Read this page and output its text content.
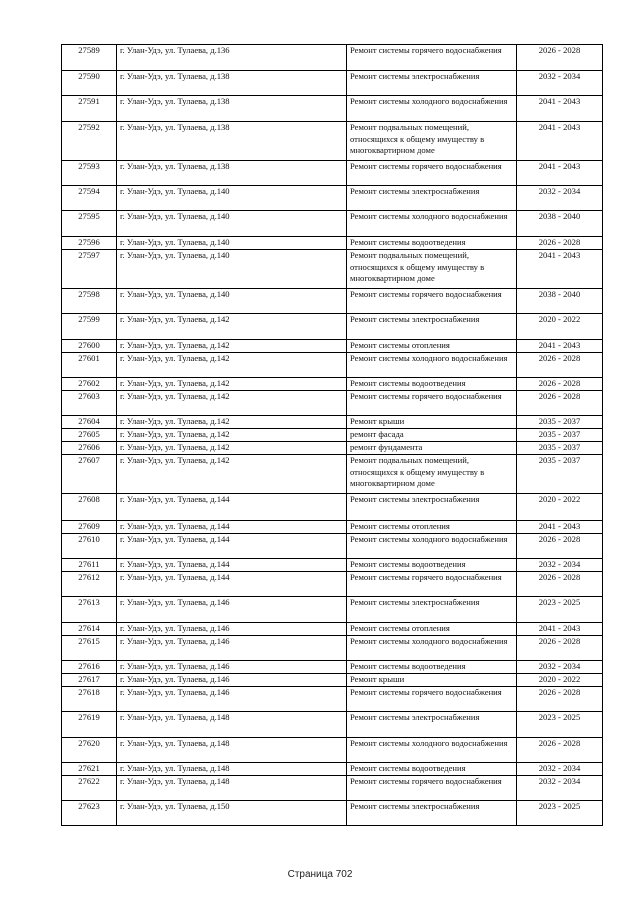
27589	г. Улан-Удэ, ул. Тулаева, д.136	Ремонт системы горячего водоснабжения	2026 - 2028
27590	г. Улан-Удэ, ул. Тулаева, д.138	Ремонт системы электроснабжения	2032 - 2034
27591	г. Улан-Удэ, ул. Тулаева, д.138	Ремонт системы холодного водоснабжения	2041 - 2043
27592	г. Улан-Удэ, ул. Тулаева, д.138	Ремонт подвальных помещений, относящихся к общему имуществу в многоквартирном доме	2041 - 2043
27593	г. Улан-Удэ, ул. Тулаева, д.138	Ремонт системы горячего водоснабжения	2041 - 2043
27594	г. Улан-Удэ, ул. Тулаева, д.140	Ремонт системы электроснабжения	2032 - 2034
27595	г. Улан-Удэ, ул. Тулаева, д.140	Ремонт системы холодного водоснабжения	2038 - 2040
27596	г. Улан-Удэ, ул. Тулаева, д.140	Ремонт системы водоотведения	2026 - 2028
27597	г. Улан-Удэ, ул. Тулаева, д.140	Ремонт подвальных помещений, относящихся к общему имуществу в многоквартирном доме	2041 - 2043
27598	г. Улан-Удэ, ул. Тулаева, д.140	Ремонт системы горячего водоснабжения	2038 - 2040
27599	г. Улан-Удэ, ул. Тулаева, д.142	Ремонт системы электроснабжения	2020 - 2022
27600	г. Улан-Удэ, ул. Тулаева, д.142	Ремонт системы отопления	2041 - 2043
27601	г. Улан-Удэ, ул. Тулаева, д.142	Ремонт системы холодного водоснабжения	2026 - 2028
27602	г. Улан-Удэ, ул. Тулаева, д.142	Ремонт системы водоотведения	2026 - 2028
27603	г. Улан-Удэ, ул. Тулаева, д.142	Ремонт системы горячего водоснабжения	2026 - 2028
27604	г. Улан-Удэ, ул. Тулаева, д.142	Ремонт крыши	2035 - 2037
27605	г. Улан-Удэ, ул. Тулаева, д.142	ремонт фасада	2035 - 2037
27606	г. Улан-Удэ, ул. Тулаева, д.142	ремонт фундамента	2035 - 2037
27607	г. Улан-Удэ, ул. Тулаева, д.142	Ремонт подвальных помещений, относящихся к общему имуществу в многоквартирном доме	2035 - 2037
27608	г. Улан-Удэ, ул. Тулаева, д.144	Ремонт системы электроснабжения	2020 - 2022
27609	г. Улан-Удэ, ул. Тулаева, д.144	Ремонт системы отопления	2041 - 2043
27610	г. Улан-Удэ, ул. Тулаева, д.144	Ремонт системы холодного водоснабжения	2026 - 2028
27611	г. Улан-Удэ, ул. Тулаева, д.144	Ремонт системы водоотведения	2032 - 2034
27612	г. Улан-Удэ, ул. Тулаева, д.144	Ремонт системы горячего водоснабжения	2026 - 2028
27613	г. Улан-Удэ, ул. Тулаева, д.146	Ремонт системы электроснабжения	2023 - 2025
27614	г. Улан-Удэ, ул. Тулаева, д.146	Ремонт системы отопления	2041 - 2043
27615	г. Улан-Удэ, ул. Тулаева, д.146	Ремонт системы холодного водоснабжения	2026 - 2028
27616	г. Улан-Удэ, ул. Тулаева, д.146	Ремонт системы водоотведения	2032 - 2034
27617	г. Улан-Удэ, ул. Тулаева, д.146	Ремонт крыши	2020 - 2022
27618	г. Улан-Удэ, ул. Тулаева, д.146	Ремонт системы горячего водоснабжения	2026 - 2028
27619	г. Улан-Удэ, ул. Тулаева, д.148	Ремонт системы электроснабжения	2023 - 2025
27620	г. Улан-Удэ, ул. Тулаева, д.148	Ремонт системы холодного водоснабжения	2026 - 2028
27621	г. Улан-Удэ, ул. Тулаева, д.148	Ремонт системы водоотведения	2032 - 2034
27622	г. Улан-Удэ, ул. Тулаева, д.148	Ремонт системы горячего водоснабжения	2032 - 2034
27623	г. Улан-Удэ, ул. Тулаева, д.150	Ремонт системы электроснабжения	2023 - 2025
Страница 702
